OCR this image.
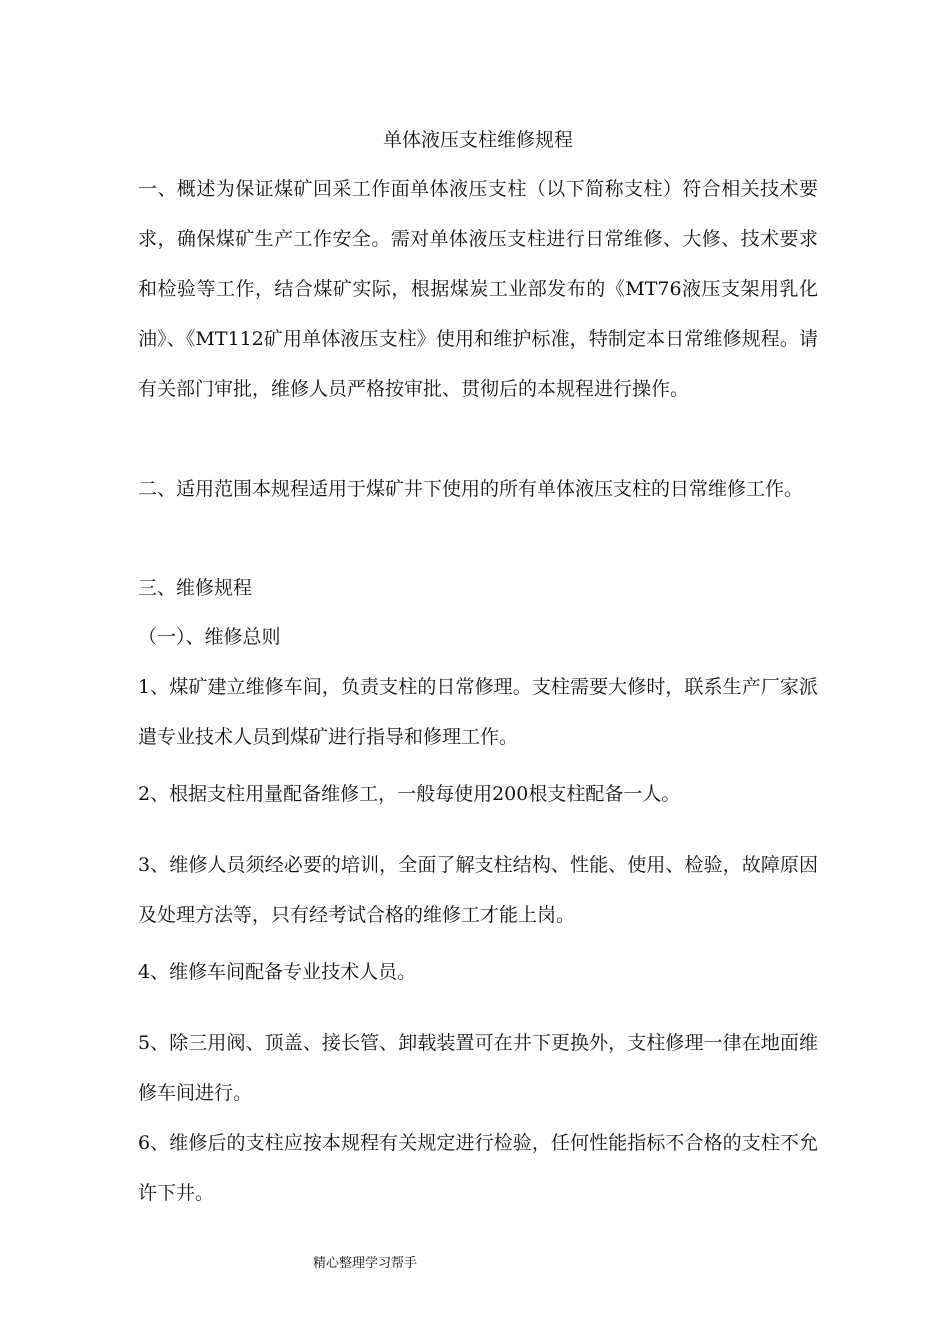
单体液压支柱维修规程

一、概述为保证煤矿回采工作面单体液压支柱（以下简称支柱）符合相关技术要求，确保煤矿生产工作安全。需对单体液压支柱进行日常维修、大修、技术要求和检验等工作，结合煤矿实际，根据煤炭工业部发布的《MT76液压支架用乳化油》、《MT112矿用单体液压支柱》使用和维护标准，特制定本日常维修规程。请有关部门审批，维修人员严格按审批、贯彻后的本规程进行操作。

二、适用范围本规程适用于煤矿井下使用的所有单体液压支柱的日常维修工作。

三、维修规程

（一）、维修总则

1、煤矿建立维修车间，负责支柱的日常修理。支柱需要大修时，联系生产厂家派遣专业技术人员到煤矿进行指导和修理工作。

2、根据支柱用量配备维修工，一般每使用200根支柱配备一人。

3、维修人员须经必要的培训，全面了解支柱结构、性能、使用、检验，故障原因及处理方法等，只有经考试合格的维修工才能上岗。

4、维修车间配备专业技术人员。

5、除三用阀、顶盖、接长管、卸载装置可在井下更换外，支柱修理一律在地面维修车间进行。

6、维修后的支柱应按本规程有关规定进行检验，任何性能指标不合格的支柱不允许下井。

精心整理学习帮手
